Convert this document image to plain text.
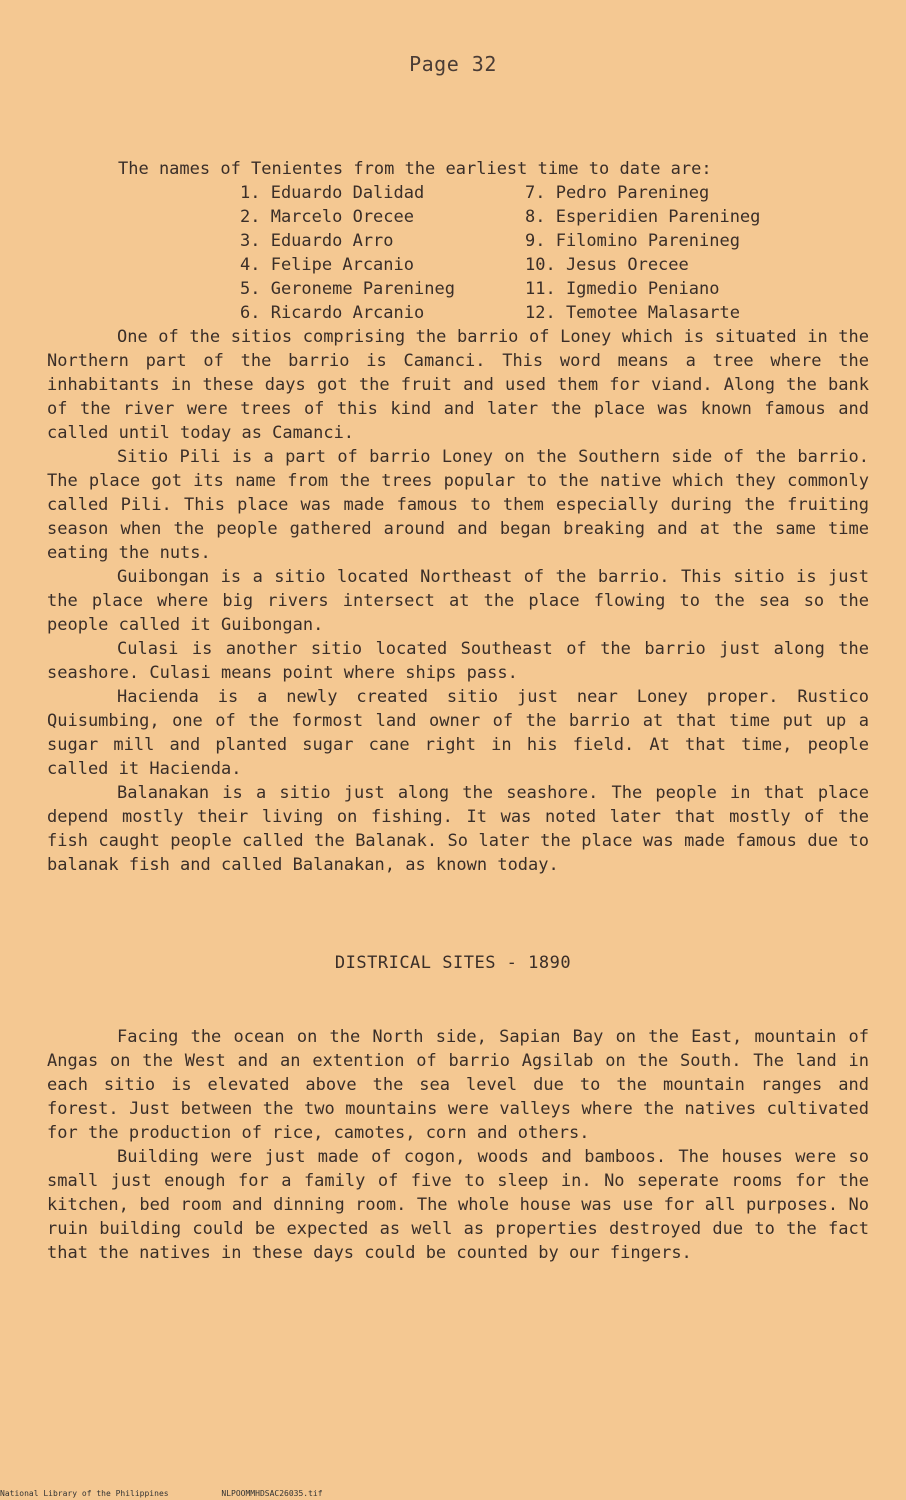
Page 32
The names of Tenientes from the earliest time to date are:
1. Eduardo Dalidad
2. Marcelo Orecee
3. Eduardo Arro
4. Felipe Arcanio
5. Geroneme Parenineg
6. Ricardo Arcanio
7. Pedro Parenineg
8. Esperidien Parenineg
9. Filomino Parenineg
10. Jesus Orecee
11. Igmedio Peniano
12. Temotee Malasarte

One of the sitios comprising the barrio of Loney which is situated in the Northern part of the barrio is Camanci. This word means a tree where the inhabitants in these days got the fruit and used them for viand. Along the bank of the river were trees of this kind and later the place was known famous and called until today as Camanci.

Sitio Pili is a part of barrio Loney on the Southern side of the barrio. The place got its name from the trees popular to the native which they commonly called Pili. This place was made famous to them especially during the fruiting season when the people gathered around and began breaking and at the same time eating the nuts.

Guibongan is a sitio located Northeast of the barrio. This sitio is just the place where big rivers intersect at the place flowing to the sea so the people called it Guibongan.

Culasi is another sitio located Southeast of the barrio just along the seashore. Culasi means point where ships pass.

Hacienda is a newly created sitio just near Loney proper. Rustico Quisumbing, one of the formost land owner of the barrio at that time put up a sugar mill and planted sugar cane right in his field. At that time, people called it Hacienda.

Balanakan is a sitio just along the seashore. The people in that place depend mostly their living on fishing. It was noted later that mostly of the fish caught people called the Balanak. So later the place was made famous due to balanak fish and called Balanakan, as known today.

DISTRICAL SITES - 1890

Facing the ocean on the North side, Sapian Bay on the East, mountain of Angas on the West and an extention of barrio Agsilab on the South. The land in each sitio is elevated above the sea level due to the mountain ranges and forest. Just between the two mountains were valleys where the natives cultivated for the production of rice, camotes, corn and others.

Building were just made of cogon, woods and bamboos. The houses were so small just enough for a family of five to sleep in. No seperate rooms for the kitchen, bed room and dinning room. The whole house was use for all purposes. No ruin building could be expected as well as properties destroyed due to the fact that the natives in these days could be counted by our fingers.

National Library of the Philippines	NLPOOMMHDSAC26035.tif
